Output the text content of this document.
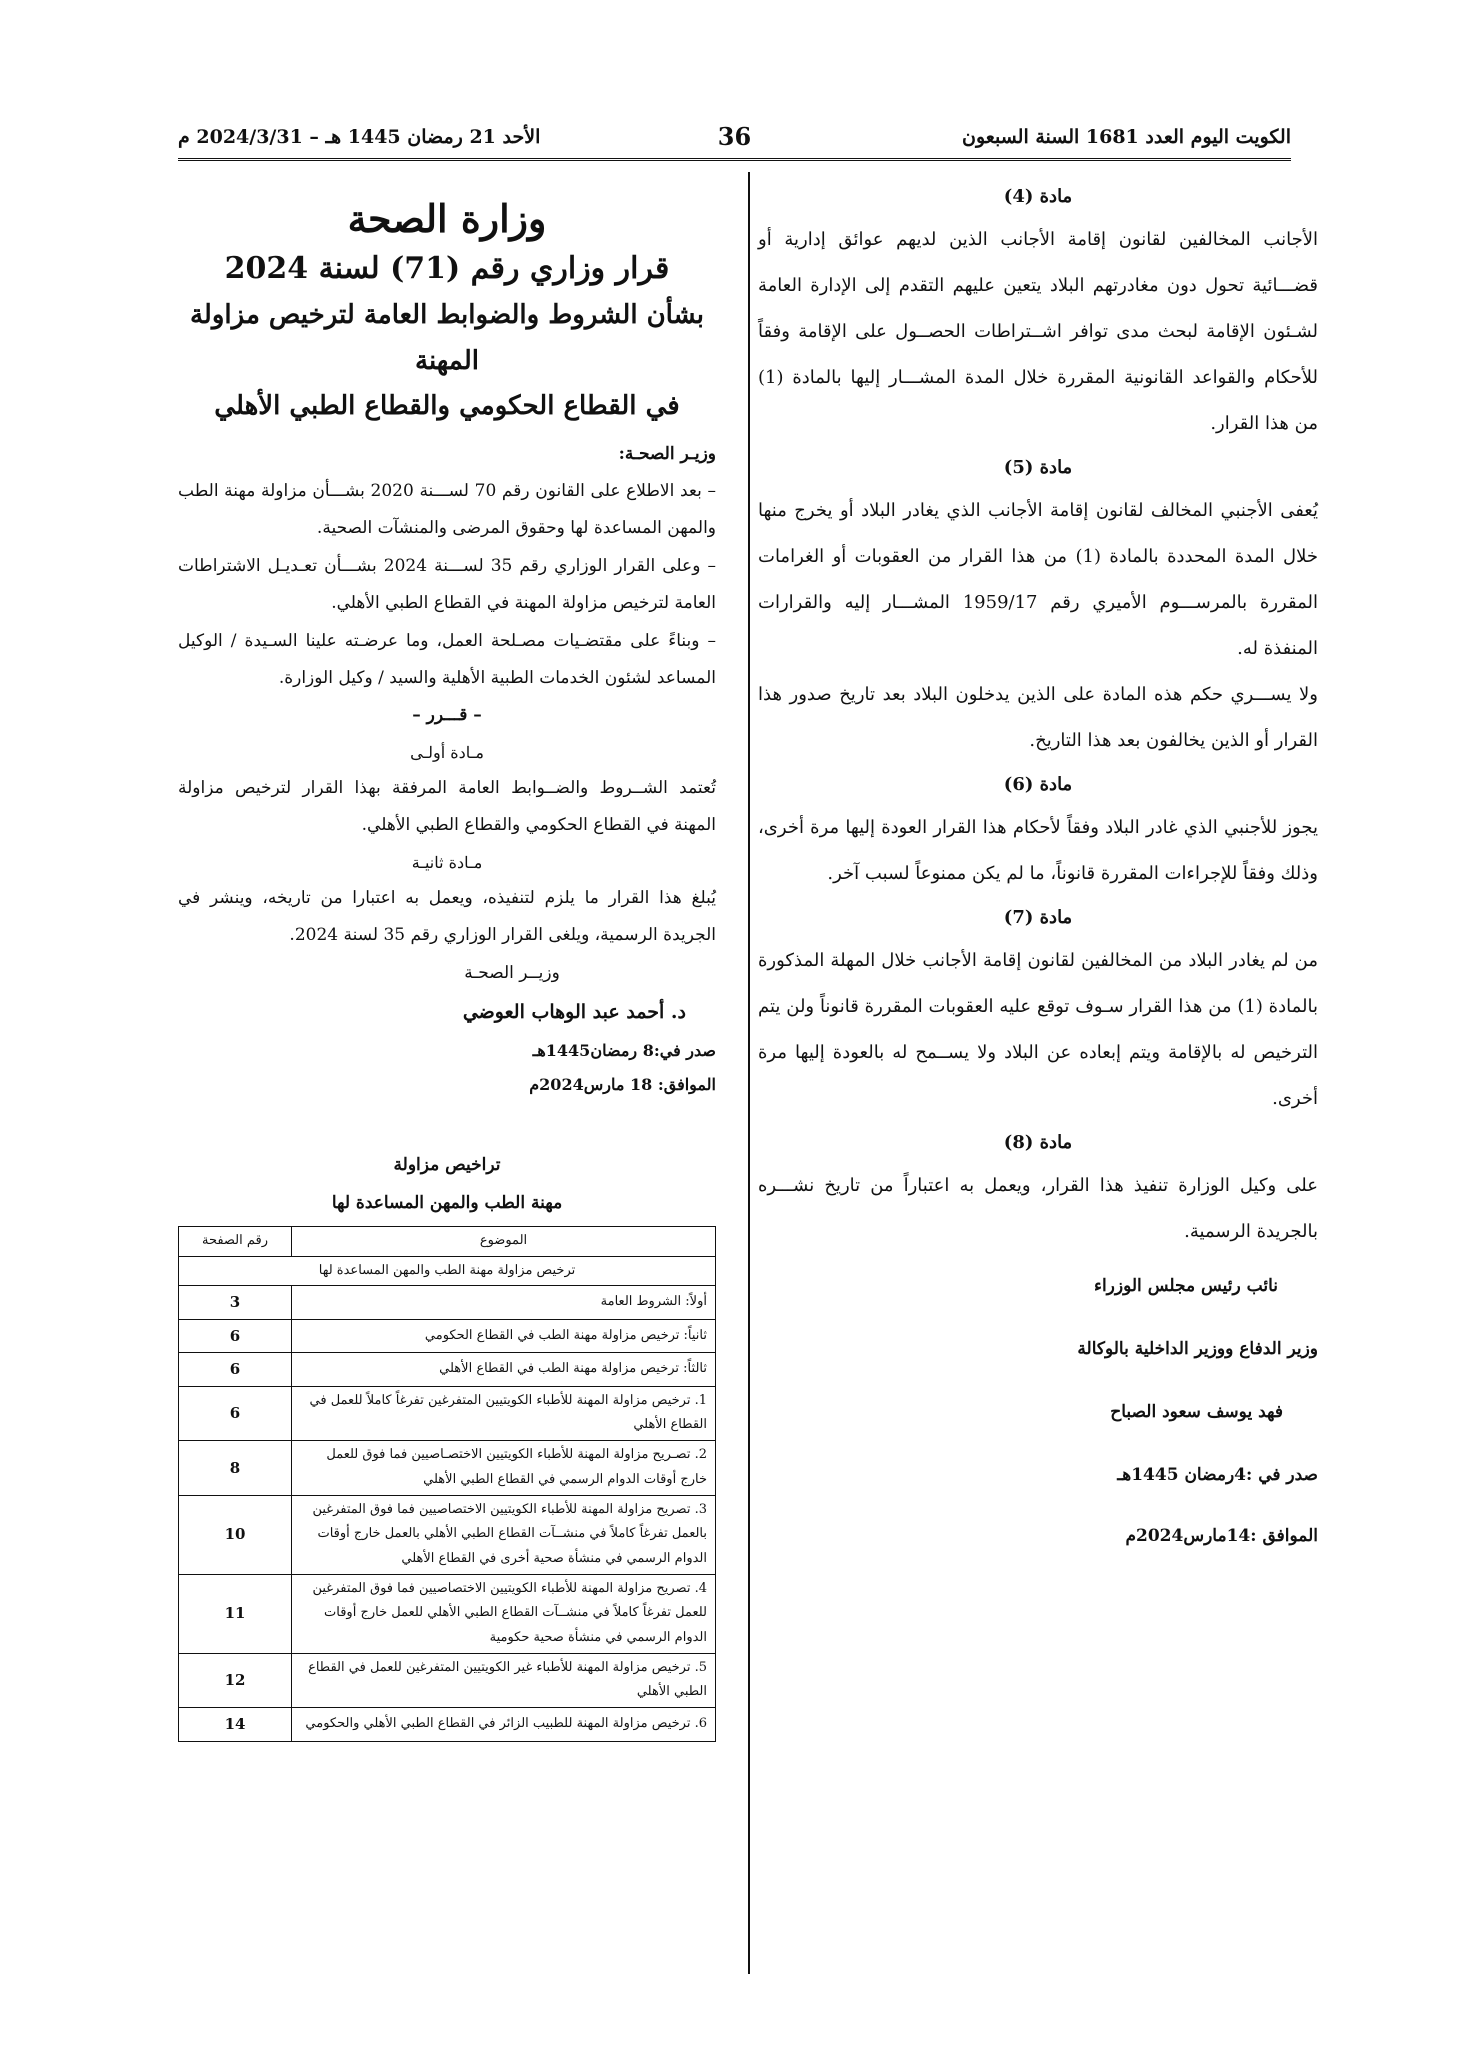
الكويت اليوم العدد 1681 السنة السبعون
36
الأحد 21 رمضان 1445 هـ – 2024/3/31 م

مادة (4)

الأجانب المخالفين لقانون إقامة الأجانب الذين لديهم عوائق إدارية أو قضـــائية تحول دون مغادرتهم البلاد يتعين عليهم التقدم إلى الإدارة العامة لشـئون الإقامة لبحث مدى توافر اشــتراطات الحصــول على الإقامة وفقاً للأحكام والقواعد القانونية المقررة خلال المدة المشـــار إليها بالمادة (1) من هذا القرار.

مادة (5)

يُعفى الأجنبي المخالف لقانون إقامة الأجانب الذي يغادر البلاد أو يخرج منها خلال المدة المحددة بالمادة (1) من هذا القرار من العقوبات أو الغرامات المقررة بالمرســـوم الأميري رقم 1959/17 المشـــار إليه والقرارات المنفذة له.

ولا يســـري حكم هذه المادة على الذين يدخلون البلاد بعد تاريخ صدور هذا القرار أو الذين يخالفون بعد هذا التاريخ.

مادة (6)

يجوز للأجنبي الذي غادر البلاد وفقاً لأحكام هذا القرار العودة إليها مرة أخرى، وذلك وفقاً للإجراءات المقررة قانوناً، ما لم يكن ممنوعاً لسبب آخر.

مادة (7)

من لم يغادر البلاد من المخالفين لقانون إقامة الأجانب خلال المهلة المذكورة بالمادة (1) من هذا القرار سـوف توقع عليه العقوبات المقررة قانوناً ولن يتم الترخيص له بالإقامة ويتم إبعاده عن البلاد ولا يســمح له بالعودة إليها مرة أخرى.

مادة (8)

على وكيل الوزارة تنفيذ هذا القرار، ويعمل به اعتباراً من تاريخ نشـــره بالجريدة الرسمية.

نائب رئيس مجلس الوزراء
وزير الدفاع ووزير الداخلية بالوكالة
فهد يوسف سعود الصباح
صدر في :4رمضان 1445هـ
الموافق :14مارس2024م

وزارة الصحة

قرار وزاري رقم (71) لسنة 2024

بشأن الشروط والضوابط العامة لترخيص مزاولة المهنة

في القطاع الحكومي والقطاع الطبي الأهلي

وزيـر الصحـة:

– بعد الاطلاع على القانون رقم 70 لســـنة 2020 بشـــأن مزاولة مهنة الطب والمهن المساعدة لها وحقوق المرضى والمنشآت الصحية.

– وعلى القرار الوزاري رقم 35 لســـنة 2024 بشـــأن تعـديـل الاشتراطات العامة لترخيص مزاولة المهنة في القطاع الطبي الأهلي.

– وبناءً على مقتضـيات مصـلحة العمل، وما عرضـته علينا السـيدة / الوكيل المساعد لشئون الخدمات الطبية الأهلية والسيد / وكيل الوزارة.

– قـــرر –

مـادة أولـى

تُعتمد الشــروط والضــوابط العامة المرفقة بهذا القرار لترخيص مزاولة المهنة في القطاع الحكومي والقطاع الطبي الأهلي.

مـادة ثانيـة

يُبلغ هذا القرار ما يلزم لتنفيذه، ويعمل به اعتبارا من تاريخه، وينشر في الجريدة الرسمية، ويلغى القرار الوزاري رقم 35 لسنة 2024.

وزيــر الصحـة

د. أحمد عبد الوهاب العوضي

صدر في:8 رمضان1445هـ

الموافق: 18 مارس2024م

تراخيص مزاولة

مهنة الطب والمهن المساعدة لها

الموضوع	رقم الصفحة
ترخيص مزاولة مهنة الطب والمهن المساعدة لها	
أولاً: الشروط العامة	3
ثانياً: ترخيص مزاولة مهنة الطب في القطاع الحكومي	6
ثالثاً: ترخيص مزاولة مهنة الطب في القطاع الأهلي	6
1. ترخيص مزاولة المهنة للأطباء الكويتيين المتفرغين تفرغاً كاملاً للعمل في القطاع الأهلي	6
2. تصـريح مزاولة المهنة للأطباء الكويتيين الاختصـاصيين فما فوق للعمل خارج أوقات الدوام الرسمي في القطاع الطبي الأهلي	8
3. تصريح مزاولة المهنة للأطباء الكويتيين الاختصاصيين فما فوق المتفرغين بالعمل تفرغاً كاملاً في منشــآت القطاع الطبي الأهلي بالعمل خارج أوقات الدوام الرسمي في منشأة صحية أخرى في القطاع الأهلي	10
4. تصريح مزاولة المهنة للأطباء الكويتيين الاختصاصيين فما فوق المتفرغين للعمل تفرغاً كاملاً في منشــآت القطاع الطبي الأهلي للعمل خارج أوقات الدوام الرسمي في منشأة صحية حكومية	11
5. ترخيص مزاولة المهنة للأطباء غير الكويتيين المتفرغين للعمل في القطاع الطبي الأهلي	12
6. ترخيص مزاولة المهنة للطبيب الزائر في القطاع الطبي الأهلي والحكومي	14
